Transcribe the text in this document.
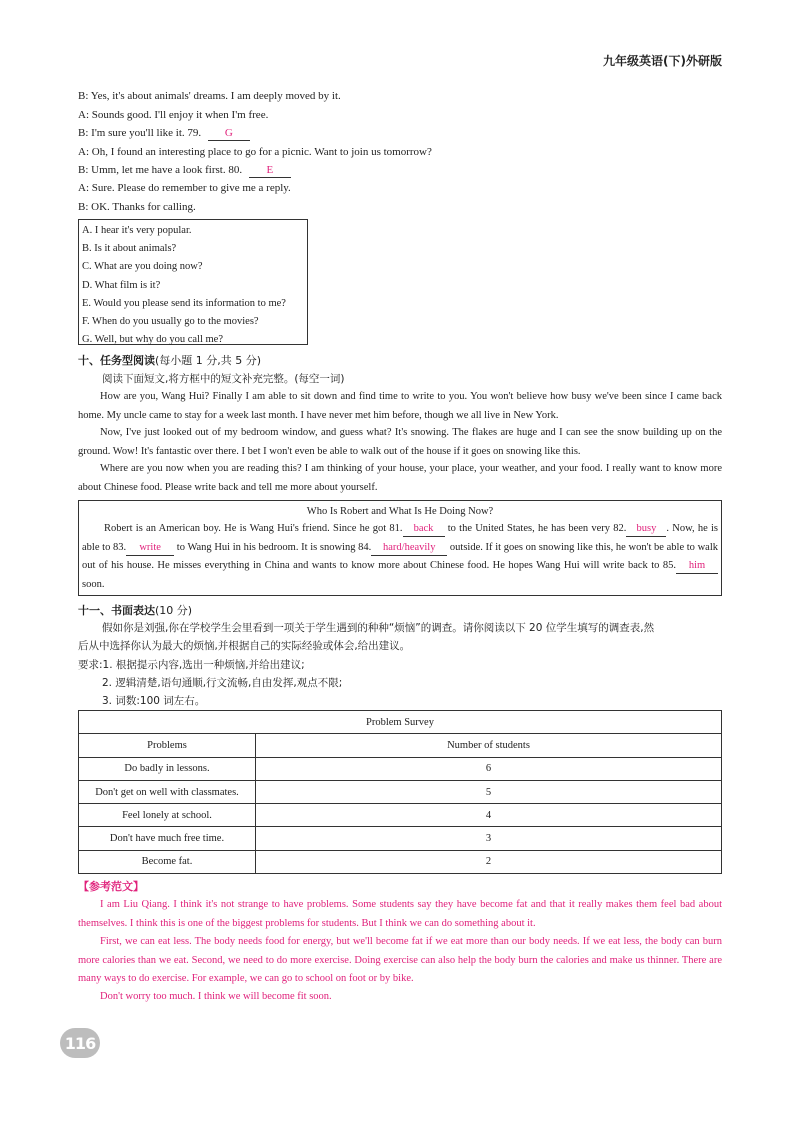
九年级英语(下)外研版
B: Yes, it's about animals' dreams. I am deeply moved by it.
A: Sounds good. I'll enjoy it when I'm free.
B: I'm sure you'll like it. 79. G
A: Oh, I found an interesting place to go for a picnic. Want to join us tomorrow?
B: Umm, let me have a look first. 80. E
A: Sure. Please do remember to give me a reply.
B: OK. Thanks for calling.
A. I hear it's very popular.
B. Is it about animals?
C. What are you doing now?
D. What film is it?
E. Would you please send its information to me?
F. When do you usually go to the movies?
G. Well, but why do you call me?
十、任务型阅读(每小题 1 分,共 5 分)
阅读下面短文,将方框中的短文补充完整。(每空一词)

How are you, Wang Hui? Finally I am able to sit down and find time to write to you. You won't believe how busy we've been since I came back home. My uncle came to stay for a week last month. I have never met him before, though we all live in New York.

Now, I've just looked out of my bedroom window, and guess what? It's snowing. The flakes are huge and I can see the snow building up on the ground. Wow! It's fantastic over there. I bet I won't even be able to walk out of the house if it goes on snowing like this.

Where are you now when you are reading this? I am thinking of your house, your place, your weather, and your food. I really want to know more about Chinese food. Please write back and tell me more about yourself.

Who Is Robert and What Is He Doing Now?

Robert is an American boy. He is Wang Hui's friend. Since he got 81. back to the United States, he has been very 82. busy . Now, he is able to 83. write to Wang Hui in his bedroom. It is snowing 84. hard/heavily outside. If it goes on snowing like this, he won't be able to walk out of his house. He misses everything in China and wants to know more about Chinese food. He hopes Wang Hui will write back to 85. him soon.

十一、书面表达(10 分)
假如你是刘强,你在学校学生会里看到一项关于学生遇到的种种“烦恼”的调查。请你阅读以下 20 位学生填写的调查表,然
后从中选择你认为最大的烦恼,并根据自己的实际经验或体会,给出建议。
要求:1. 根据提示内容,选出一种烦恼,并给出建议;
2. 逻辑清楚,语句通顺,行文流畅,自由发挥,观点不限;
3. 词数:100 词左右。
Problem Survey	
Problems	Number of students
Do badly in lessons.	6
Don't get on well with classmates.	5
Feel lonely at school.	4
Don't have much free time.	3
Become fat.	2
【参考范文】

I am Liu Qiang. I think it's not strange to have problems. Some students say they have become fat and that it really makes them feel bad about themselves. I think this is one of the biggest problems for students. But I think we can do something about it.

First, we can eat less. The body needs food for energy, but we'll become fat if we eat more than our body needs. If we eat less, the body can burn more calories than we eat. Second, we need to do more exercise. Doing exercise can also help the body burn the calories and make us thinner. There are many ways to do exercise. For example, we can go to school on foot or by bike.

Don't worry too much. I think we will become fit soon.

116
